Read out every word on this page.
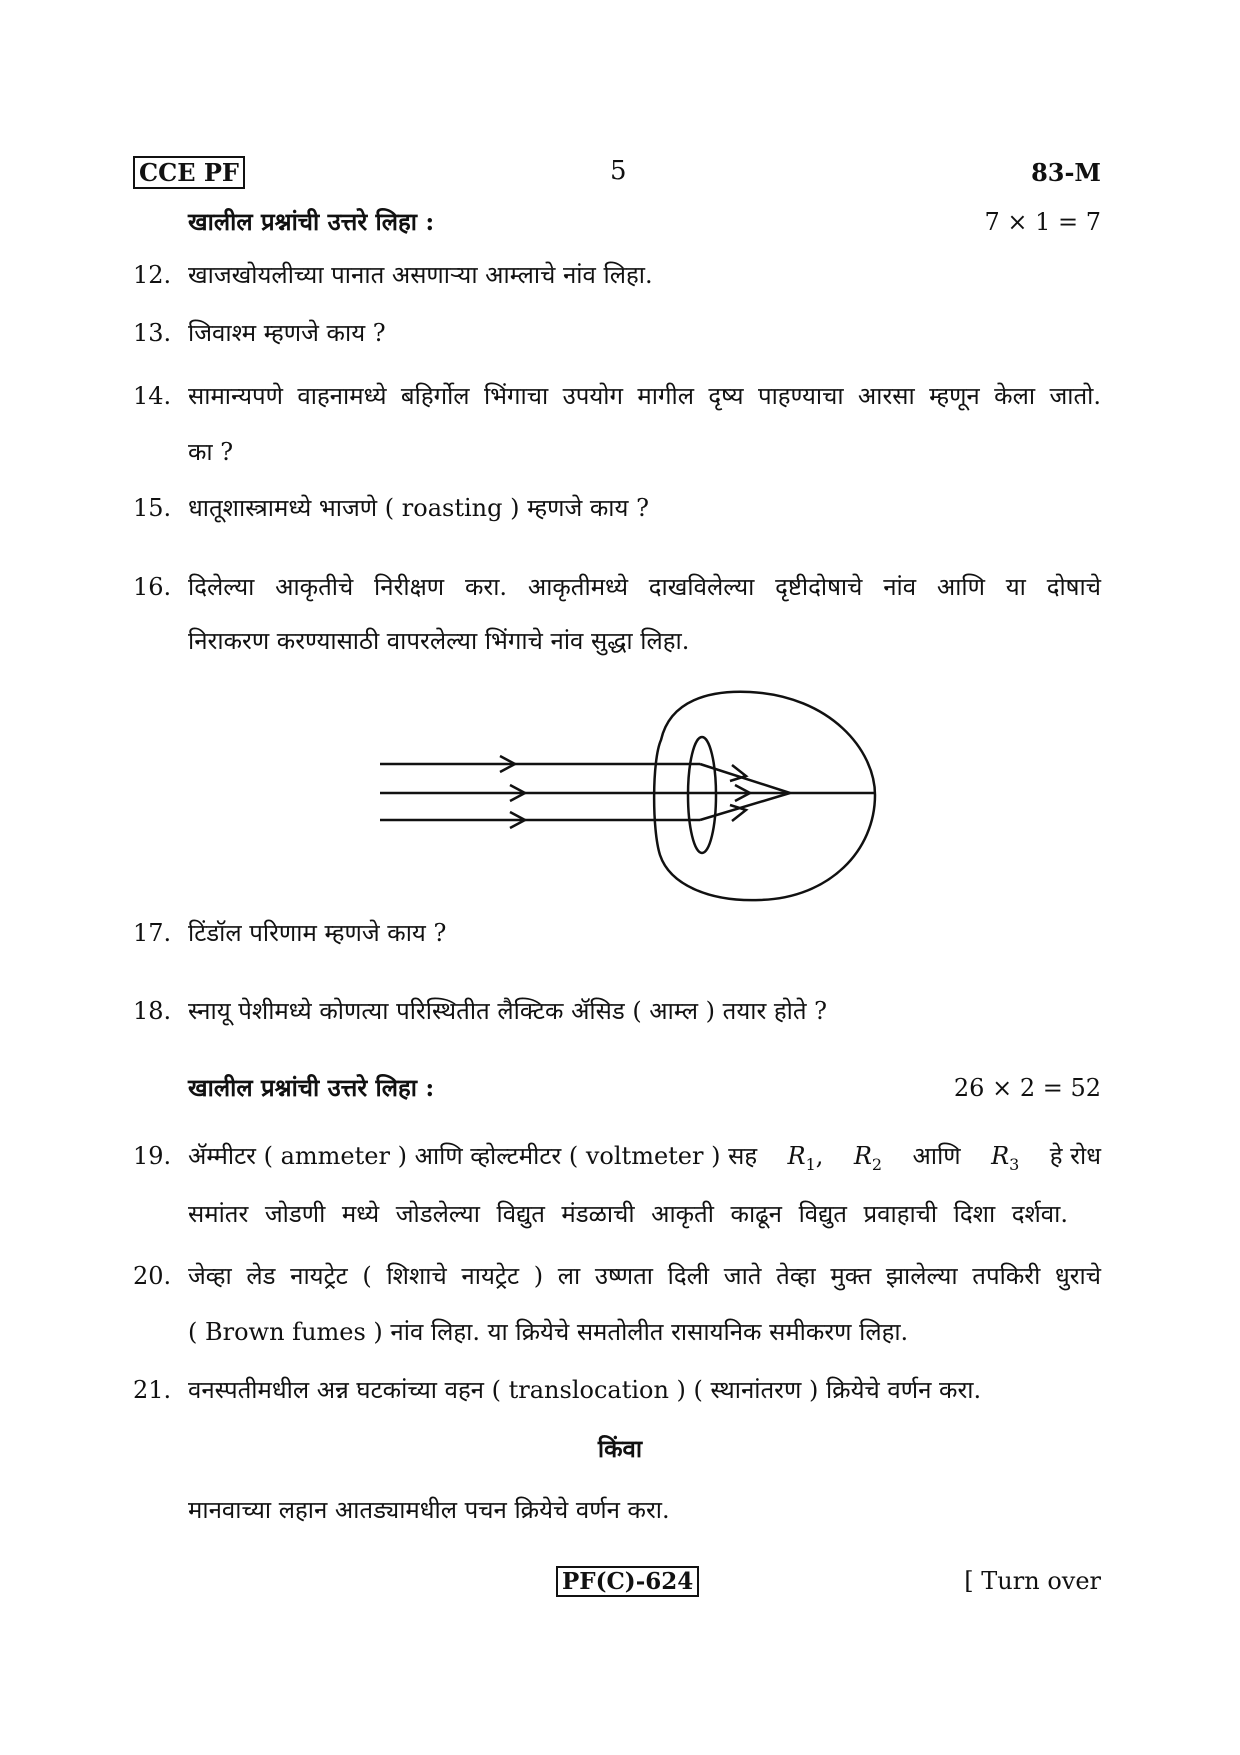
CCE PF	5	83-M
खालील प्रश्नांची उत्तरे लिहा :	7 × 1 = 7
12. खाजखोयलीच्या पानात असणाऱ्या आम्लाचे नांव लिहा.
13. जिवाश्म म्हणजे काय ?
14. सामान्यपणे वाहनामध्ये बहिर्गोल भिंगाचा उपयोग मागील दृष्य पाहण्याचा आरसा म्हणून केला जातो.
का ?
15. धातूशास्त्रामध्ये भाजणे ( roasting ) म्हणजे काय ?
16. दिलेल्या आकृतीचे निरीक्षण करा. आकृतीमध्ये दाखविलेल्या दृष्टीदोषाचे नांव आणि या दोषाचे
निराकरण करण्यासाठी वापरलेल्या भिंगाचे नांव सुद्धा लिहा.
17. टिंडॉल परिणाम म्हणजे काय ?
18. स्नायू पेशीमध्ये कोणत्या परिस्थितीत लैक्टिक ॲसिड ( आम्ल ) तयार होते ?
खालील प्रश्नांची उत्तरे लिहा :	26 × 2 = 52
19. ॲम्मीटर ( ammeter ) आणि व्होल्टमीटर ( voltmeter ) सह $R_1$, $R_2$ आणि $R_3$ हे रोध
समांतर जोडणी मध्ये जोडलेल्या विद्युत मंडळाची आकृती काढून विद्युत प्रवाहाची दिशा दर्शवा.
20. जेव्हा लेड नायट्रेट ( शिशाचे नायट्रेट ) ला उष्णता दिली जाते तेव्हा मुक्त झालेल्या तपकिरी धुराचे
( Brown fumes ) नांव लिहा. या क्रियेचे समतोलीत रासायनिक समीकरण लिहा.
21. वनस्पतीमधील अन्न घटकांच्या वहन ( translocation ) ( स्थानांतरण ) क्रियेचे वर्णन करा.
किंवा
मानवाच्या लहान आतड्यामधील पचन क्रियेचे वर्णन करा.
PF(C)-624	[ Turn over
